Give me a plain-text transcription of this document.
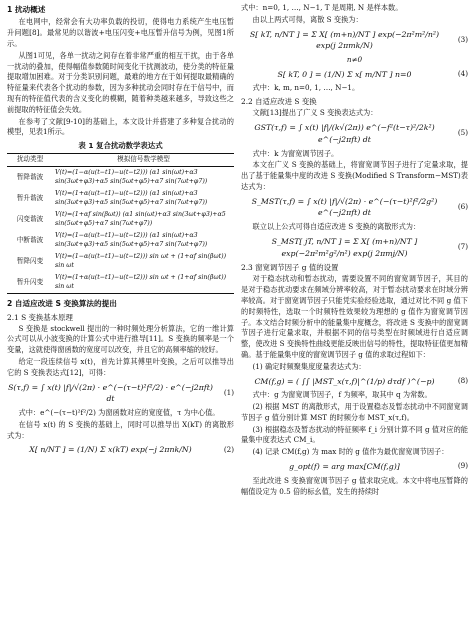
1 扰动概述

在电网中，经常会有大功率负载的投切，使得电力系统产生电压暂升问题[8]。最常见的以谐波+电压闪变+电压暂升信号为例，见图1所示。

从图1可见，各单一扰动之间存在着非常严重的相互干扰，由于各单一扰动的叠加，使得幅值参数随时间变化干扰测波动，使分类的特征量提取增加困难。对于分类识别问题，最难的地方在于如何提取最精确的特征量来代表各个扰动的参数，因为多种扰动会同时存在于信号中，而现有的特征值代表的含义变化的模糊，随着种类越来越多，导致这些之前提取的特征值会失效。

在参考了文献[9-10]的基础上，本文设计并搭建了多种复合扰动的模型，见表1所示。

表 1 复合扰动数学表达式
扰动类型	模拟信号数学模型
暂降谐波	V(t)=(1−α(u(t−t1)−u(t−t2))) (α1 sin(ωt)+α3 sin(3ωt+φ3)+α5 sin(5ωt+φ5)+α7 sin(7ωt+φ7))
暂升谐波	V(t)=(1+α(u(t−t1)−u(t−t2))) (α1 sin(ωt)+α3 sin(3ωt+φ3)+α5 sin(5ωt+φ5)+α7 sin(7ωt+φ7))
闪变谐波	V(t)=(1+αf sin(βωt)) (α1 sin(ωt)+α3 sin(3ωt+φ3)+α5 sin(5ωt+φ5)+α7 sin(7ωt+φ7))
中断谐波	V(t)=(1−α(u(t−t1)−u(t−t2))) (α1 sin(ωt)+α3 sin(3ωt+φ3)+α5 sin(5ωt+φ5)+α7 sin(7ωt+φ7))
暂降闪变	V(t)=(1−α(u(t−t1)−u(t−t2))) sin ωt + (1+αf sin(βωt)) sin ωt
暂升闪变	V(t)=(1+α(u(t−t1)−u(t−t2))) sin ωt + (1+αf sin(βωt)) sin ωt
2 自适应改进 S 变换算法的提出
2.1 S 变换基本原理

S 变换是 stockwell 提出的一种时频处理分析算法，它的一维计算公式可以从小波变换的计算公式中进行推导[11]。S 变换的频率是一个变量，这就使得窗函数的宽度可以改变，并且它的高频率缩的较好。

给定一段连续信号 x(t)，首先计算其傅里叶变换，之后可以推导出它的 S 变换表达式[12]，可得：

S(τ,f) = ∫ x(t) |f|/√(2π) · e^(−(τ−t)²f²/2) · e^(−j2πft) dt
(1)

式中：e^(−(τ−t)²f²/2) 为窗函数对应的宽度值，τ 为中心值。

在信号 x(t) 的 S 变换的基础上，同时可以推导出 X(kT) 的离散形式为：

X[ n/NT ] = (1/N) Σ x(kT) exp(−j 2πnk/N)	(2)

式中：n=0, 1, …, N−1, T 是周期, N 是样本数。

由以上两式可得，离散 S 变换为：

S[ kT, n/NT ] = Σ X[ (m+n)/NT ] exp(−2π²m²/n²) exp(j 2πmk/N)
(3)
n≠0
S[ kT, 0 ] = (1/N) Σ x[ m/NT ] n=0	(4)

式中：k, m, n=0, 1, …, N−1。

2.2 自适应改进 S 变换

文献[13]提出了广义 S 变换表达式为：

GST(τ,f) = ∫ x(t) |f|/(k√(2π)) e^(−f²(t−τ)²/2k²) e^(−j2πft) dt
(5)

式中：k 为窗宽调节因子。

本文在广义 S 变换的基础上，将窗宽调节因子进行了定量求取，提出了基于能量集中度的改进 S 变换(Modified S Transform−MST)表达式为：

S_MST(τ,f) = ∫ x(t) |f|/√(2π) · e^(−(τ−t)²f²/2g²) e^(−j2πft) dt
(6)

联立以上公式可得自适应改进 S 变换的离散形式为：

S_MST[ jT, n/NT ] = Σ X[ (m+n)/NT ] exp(−2π²m²g²/n²) exp(j 2πmj/N)
(7)
2.3 窗宽调节因子 g 值的设置

对于稳态扰动和暂态扰动，需要设置不同的窗宽调节因子，其目的是对于稳态扰动要求在频域分辨率较高，对于暂态扰动要求在时域分辨率较高。对于窗宽调节因子只能凭实验经验选取，通过对比不同 g 值下的时频特性，选取一个时频特性效果较为理想的 g 值作为窗宽调节因子。本文结合时频分析中的能量集中度概念，将改进 S 变换中的窗宽调节因子进行定量求取，并根据不同的信号类型在时频域进行自适应调整，使改进 S 变换特性曲线更能反映出信号的特性，提取特征值更加精确。基于能量集中度的窗宽调节因子 g 值的求取过程如下：

(1) 确定时频聚集度度量表达式为：

CM(f,g) = ( ∫∫ |MST_x(τ,f)|^(1/p) dτdf )^(−p)	(8)

式中：g 为窗宽调节因子，f 为频率，取其中 q 为常数。

(2) 根据 MST 的离散形式，用于设置稳态及暂态扰动中不同窗宽调节因子 g 值分别计算 MST 的时频分布 MST_x(τ,f)。

(3) 根据稳态及暂态扰动的特征频率 f_i 分别计算不同 g 值对应的能量集中度表达式 CM_i。

(4) 记录 CM(f,g) 为 max 时的 g 值作为最优窗宽调节因子：

g_opt(f) = arg max[CM(f,g)]	(9)

至此改进 S 变换窗宽调节因子 g 值求取完成。本文中将电压暂降的幅值设定为 0.5 倍的标幺值，发生的持续时
